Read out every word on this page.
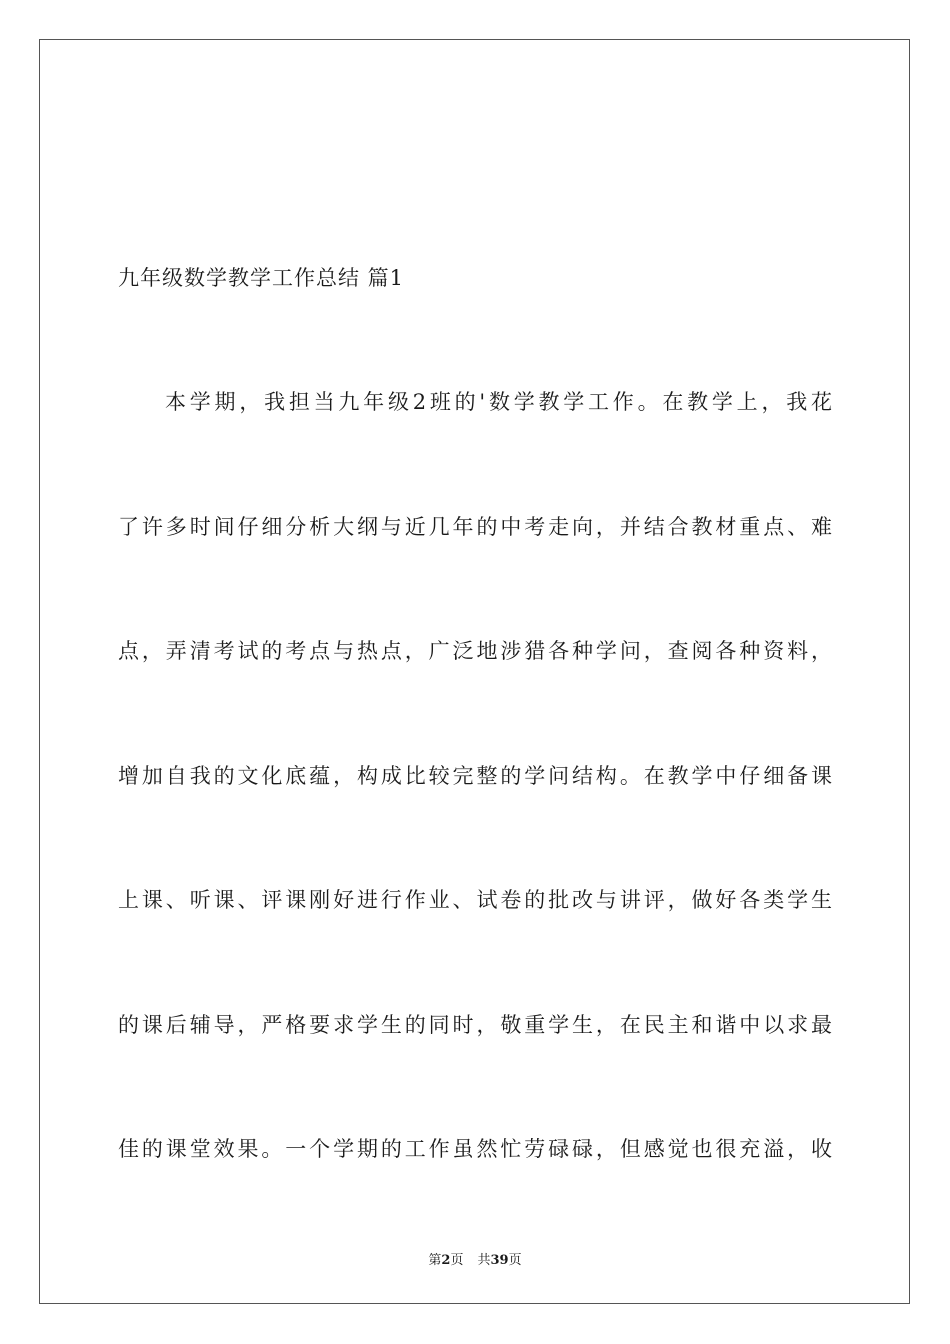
九年级数学教学工作总结 篇1
本学期，我担当九年级2班的'数学教学工作。在教学上，我花
了许多时间仔细分析大纲与近几年的中考走向，并结合教材重点、难
点，弄清考试的考点与热点，广泛地涉猎各种学问，查阅各种资料，
增加自我的文化底蕴，构成比较完整的学问结构。在教学中仔细备课
上课、听课、评课刚好进行作业、试卷的批改与讲评，做好各类学生
的课后辅导，严格要求学生的同时，敬重学生，在民主和谐中以求最
佳的课堂效果。一个学期的工作虽然忙劳碌碌，但感觉也很充溢，收
第2页 共39页
